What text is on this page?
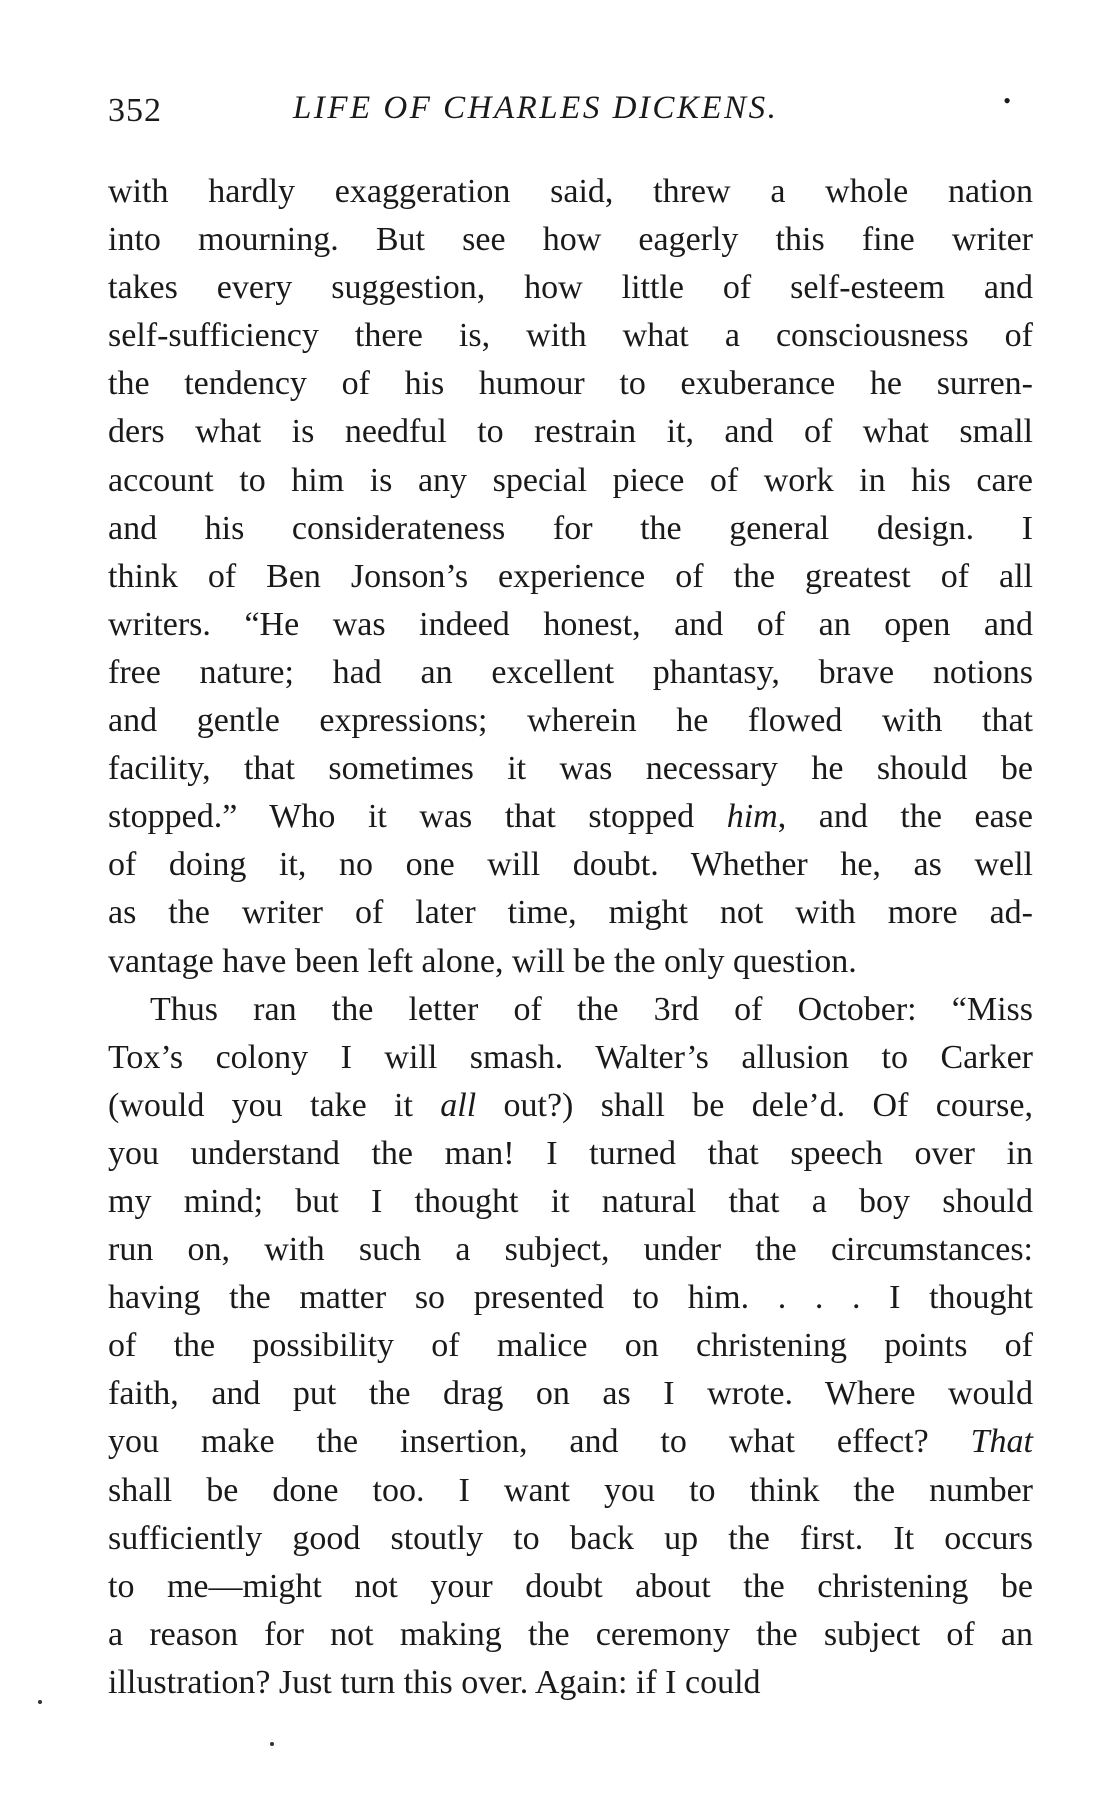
352	LIFE OF CHARLES DICKENS.	•
with hardly exaggeration said, threw a whole nation
into mourning. But see how eagerly this fine writer
takes every suggestion, how little of self-esteem and
self-sufficiency there is, with what a consciousness of
the tendency of his humour to exuberance he surren-
ders what is needful to restrain it, and of what small
account to him is any special piece of work in his care
and his considerateness for the general design. I
think of Ben Jonson’s experience of the greatest of all
writers. “He was indeed honest, and of an open and
free nature; had an excellent phantasy, brave notions
and gentle expressions; wherein he flowed with that
facility, that sometimes it was necessary he should be
stopped.” Who it was that stopped him, and the ease
of doing it, no one will doubt. Whether he, as well
as the writer of later time, might not with more ad-
vantage have been left alone, will be the only question.
Thus ran the letter of the 3rd of October: “Miss
Tox’s colony I will smash. Walter’s allusion to Carker
(would you take it all out?) shall be dele’d. Of course,
you understand the man! I turned that speech over in
my mind; but I thought it natural that a boy should
run on, with such a subject, under the circumstances:
having the matter so presented to him. . . . I thought
of the possibility of malice on christening points of
faith, and put the drag on as I wrote. Where would
you make the insertion, and to what effect? That
shall be done too. I want you to think the number
sufficiently good stoutly to back up the first. It occurs
to me—might not your doubt about the christening be
a reason for not making the ceremony the subject of an
illustration? Just turn this over. Again: if I could
